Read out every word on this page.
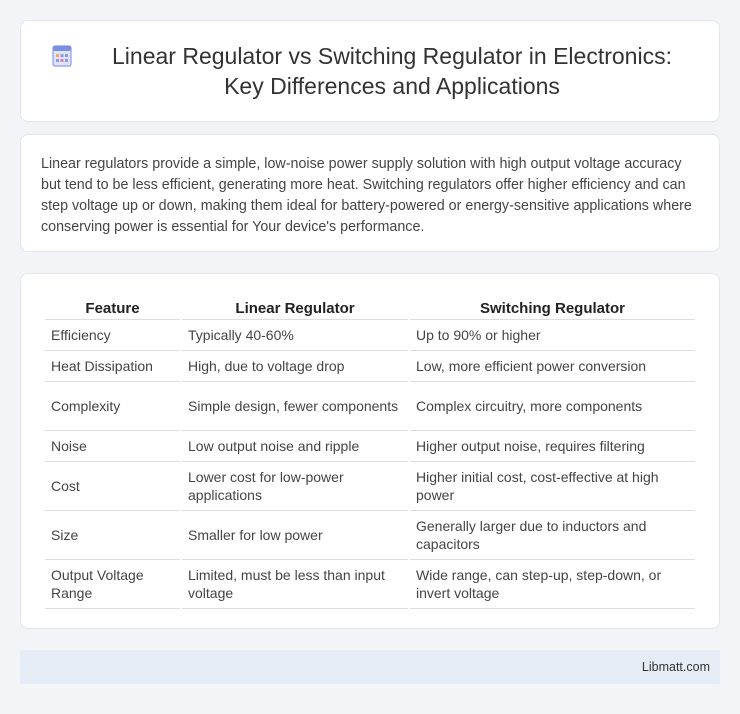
Linear Regulator vs Switching Regulator in Electronics: Key Differences and Applications

Linear regulators provide a simple, low-noise power supply solution with high output voltage accuracy but tend to be less efficient, generating more heat. Switching regulators offer higher efficiency and can step voltage up or down, making them ideal for battery-powered or energy-sensitive applications where conserving power is essential for Your device's performance.

Feature	Linear Regulator	Switching Regulator
Efficiency	Typically 40-60%	Up to 90% or higher
Heat Dissipation	High, due to voltage drop	Low, more efficient power conversion
Complexity	Simple design, fewer components	Complex circuitry, more components
Noise	Low output noise and ripple	Higher output noise, requires filtering
Cost	Lower cost for low-power applications	Higher initial cost, cost-effective at high power
Size	Smaller for low power	Generally larger due to inductors and capacitors
Output Voltage Range	Limited, must be less than input voltage	Wide range, can step-up, step-down, or invert voltage
Libmatt.com
